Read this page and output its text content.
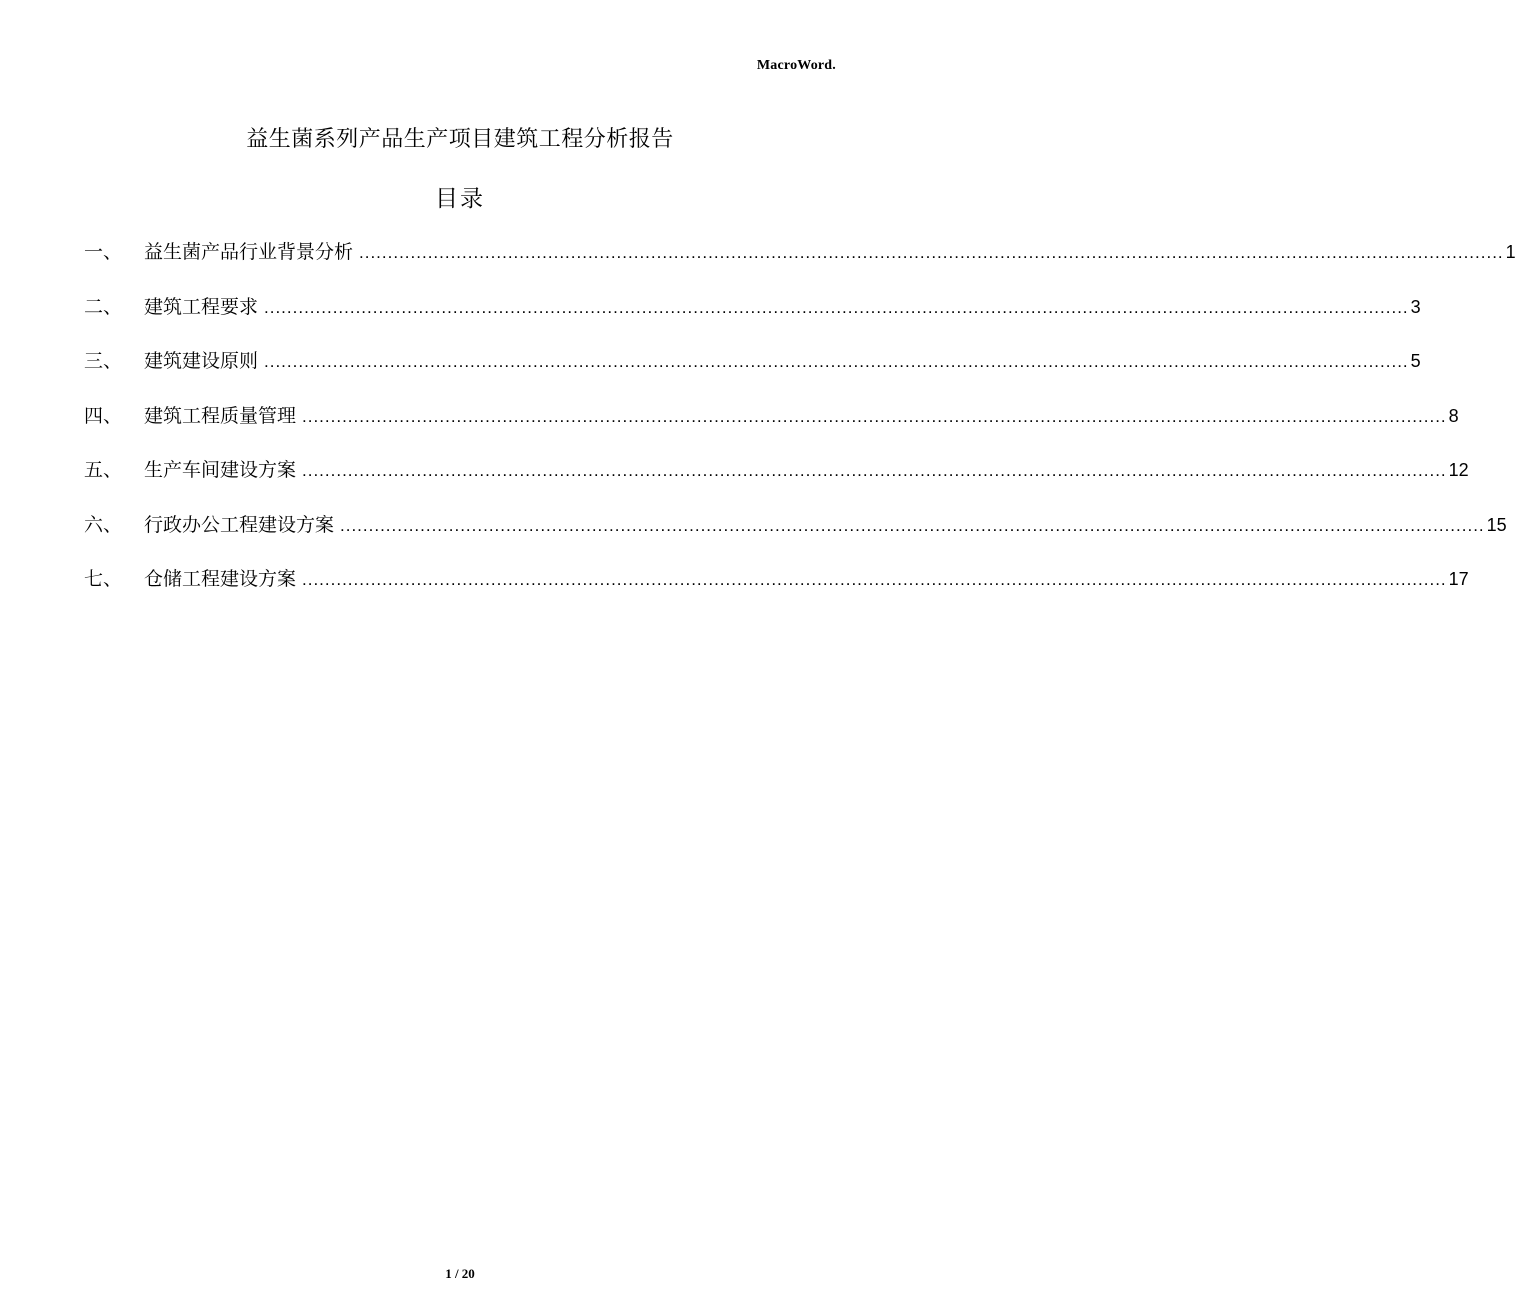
MacroWord.
益生菌系列产品生产项目建筑工程分析报告
目录
一、	益生菌产品行业背景分析 ........................................................................................................................................................................................................ 1
二、	建筑工程要求 ........................................................................................................................................................................................................ 3
三、	建筑建设原则 ........................................................................................................................................................................................................ 5
四、	建筑工程质量管理 ........................................................................................................................................................................................................ 8
五、	生产车间建设方案 ........................................................................................................................................................................................................ 12
六、	行政办公工程建设方案 ........................................................................................................................................................................................................ 15
七、	仓储工程建设方案 ........................................................................................................................................................................................................ 17
1 / 20
